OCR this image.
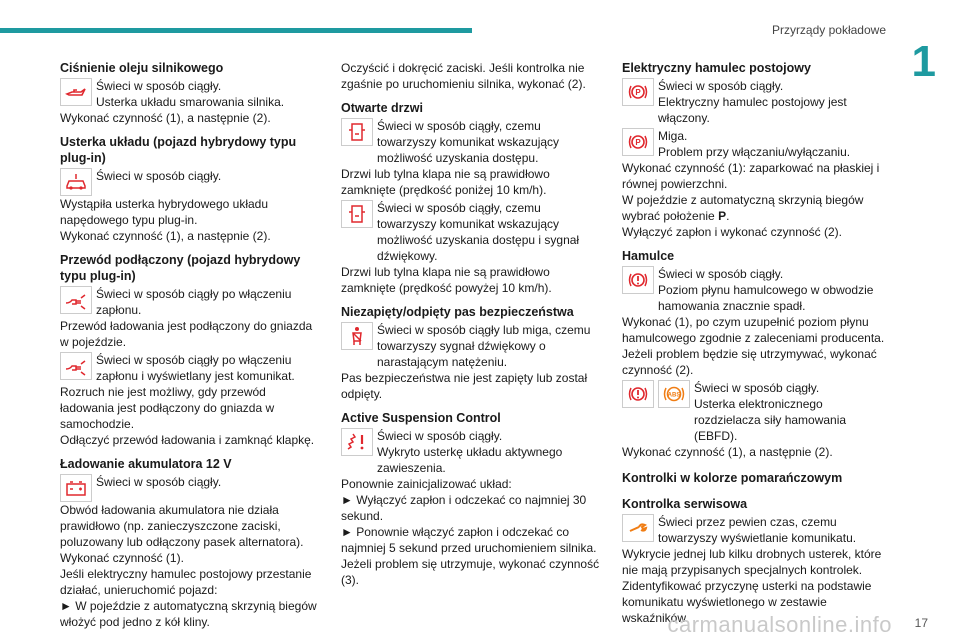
Przyrządy pokładowe
1
Ciśnienie oleju silnikowego

Świeci w sposób ciągły.

Usterka układu smarowania silnika.

Wykonać czynność (1), a następnie (2).

Usterka układu (pojazd hybrydowy typu plug-in)

Świeci w sposób ciągły.

Wystąpiła usterka hybrydowego układu napędowego typu plug-in.

Wykonać czynność (1), a następnie (2).

Przewód podłączony (pojazd hybrydowy typu plug-in)

Świeci w sposób ciągły po włączeniu zapłonu.

Przewód ładowania jest podłączony do gniazda w pojeździe.

Świeci w sposób ciągły po włączeniu zapłonu i wyświetlany jest komunikat.

Rozruch nie jest możliwy, gdy przewód ładowania jest podłączony do gniazda w samochodzie.

Odłączyć przewód ładowania i zamknąć klapkę.

Ładowanie akumulatora 12 V

Świeci w sposób ciągły.

Obwód ładowania akumulatora nie działa prawidłowo (np. zanieczyszczone zaciski, poluzowany lub odłączony pasek alternatora).

Wykonać czynność (1).

Jeśli elektryczny hamulec postojowy przestanie działać, unieruchomić pojazd:

► W pojeździe z automatyczną skrzynią biegów włożyć pod jedno z kół kliny.

Oczyścić i dokręcić zaciski. Jeśli kontrolka nie zgaśnie po uruchomieniu silnika, wykonać (2).

Otwarte drzwi

Świeci w sposób ciągły, czemu towarzyszy komunikat wskazujący możliwość uzyskania dostępu.

Drzwi lub tylna klapa nie są prawidłowo zamknięte (prędkość poniżej 10 km/h).

Świeci w sposób ciągły, czemu towarzyszy komunikat wskazujący możliwość uzyskania dostępu i sygnał dźwiękowy.

Drzwi lub tylna klapa nie są prawidłowo zamknięte (prędkość powyżej 10 km/h).

Niezapięty/odpięty pas bezpieczeństwa

Świeci w sposób ciągły lub miga, czemu towarzyszy sygnał dźwiękowy o narastającym natężeniu.

Pas bezpieczeństwa nie jest zapięty lub został odpięty.

Active Suspension Control

Świeci w sposób ciągły.

Wykryto usterkę układu aktywnego zawieszenia.

Ponownie zainicjalizować układ:

► Wyłączyć zapłon i odczekać co najmniej 30 sekund.

► Ponownie włączyć zapłon i odczekać co najmniej 5 sekund przed uruchomieniem silnika.

Jeżeli problem się utrzymuje, wykonać czynność (3).

Elektryczny hamulec postojowy
P Świeci w sposób ciągły.

Elektryczny hamulec postojowy jest włączony.

P Miga.

Problem przy włączaniu/wyłączaniu.

Wykonać czynność (1): zaparkować na płaskiej i równej powierzchni.

W pojeździe z automatyczną skrzynią biegów wybrać położenie P.

Wyłączyć zapłon i wykonać czynność (2).

Hamulce

Świeci w sposób ciągły.

Poziom płynu hamulcowego w obwodzie hamowania znacznie spadł.

Wykonać (1), po czym uzupełnić poziom płynu hamulcowego zgodnie z zaleceniami producenta.

Jeżeli problem będzie się utrzymywać, wykonać czynność (2).

ABS

Świeci w sposób ciągły.

Usterka elektronicznego rozdzielacza siły hamowania (EBFD).

Wykonać czynność (1), a następnie (2).

Kontrolki w kolorze pomarańczowym
Kontrolka serwisowa

Świeci przez pewien czas, czemu towarzyszy wyświetlanie komunikatu.

Wykrycie jednej lub kilku drobnych usterek, które nie mają przypisanych specjalnych kontrolek.

Zidentyfikować przyczynę usterki na podstawie komunikatu wyświetlonego w zestawie wskaźników.

carmanualsonline.info 17
